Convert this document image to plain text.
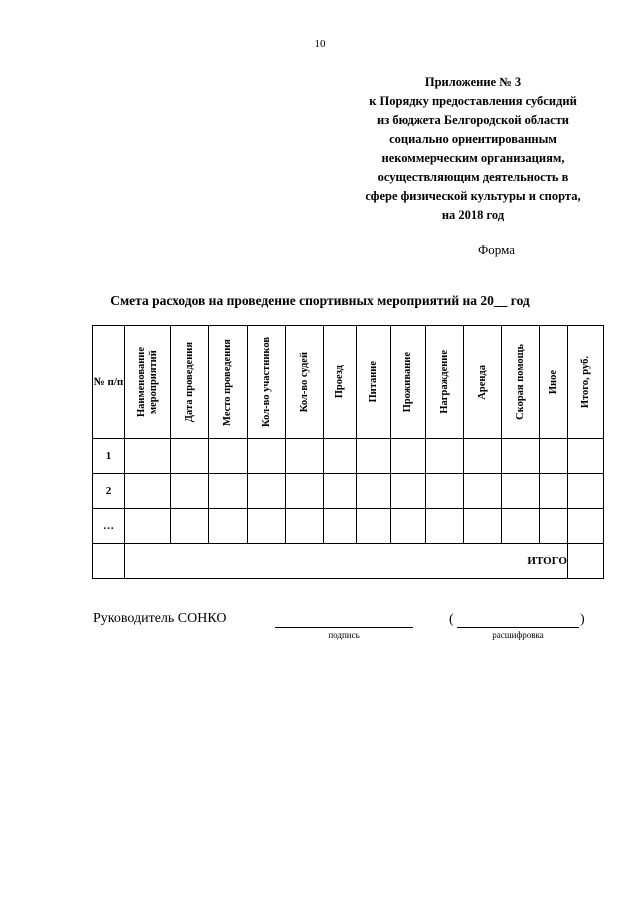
10
Приложение № 3
к Порядку предоставления субсидий
из бюджета Белгородской области
социально ориентированным
некоммерческим организациям,
осуществляющим деятельность в
сфере физической культуры и спорта,
на 2018 год
Форма
Смета расходов на проведение спортивных мероприятий на 20__ год
№ п/п	Наименование мероприятий	Дата проведения	Место проведения	Кол-во участников	Кол-во судей	Проезд	Питание	Проживание	Награждение	Аренда	Скорая помощь	Иное	Итого, руб.

1													
2													
…													
	ИТОГО												
Руководитель СОНКО
подпись
(	)
расшифровка
